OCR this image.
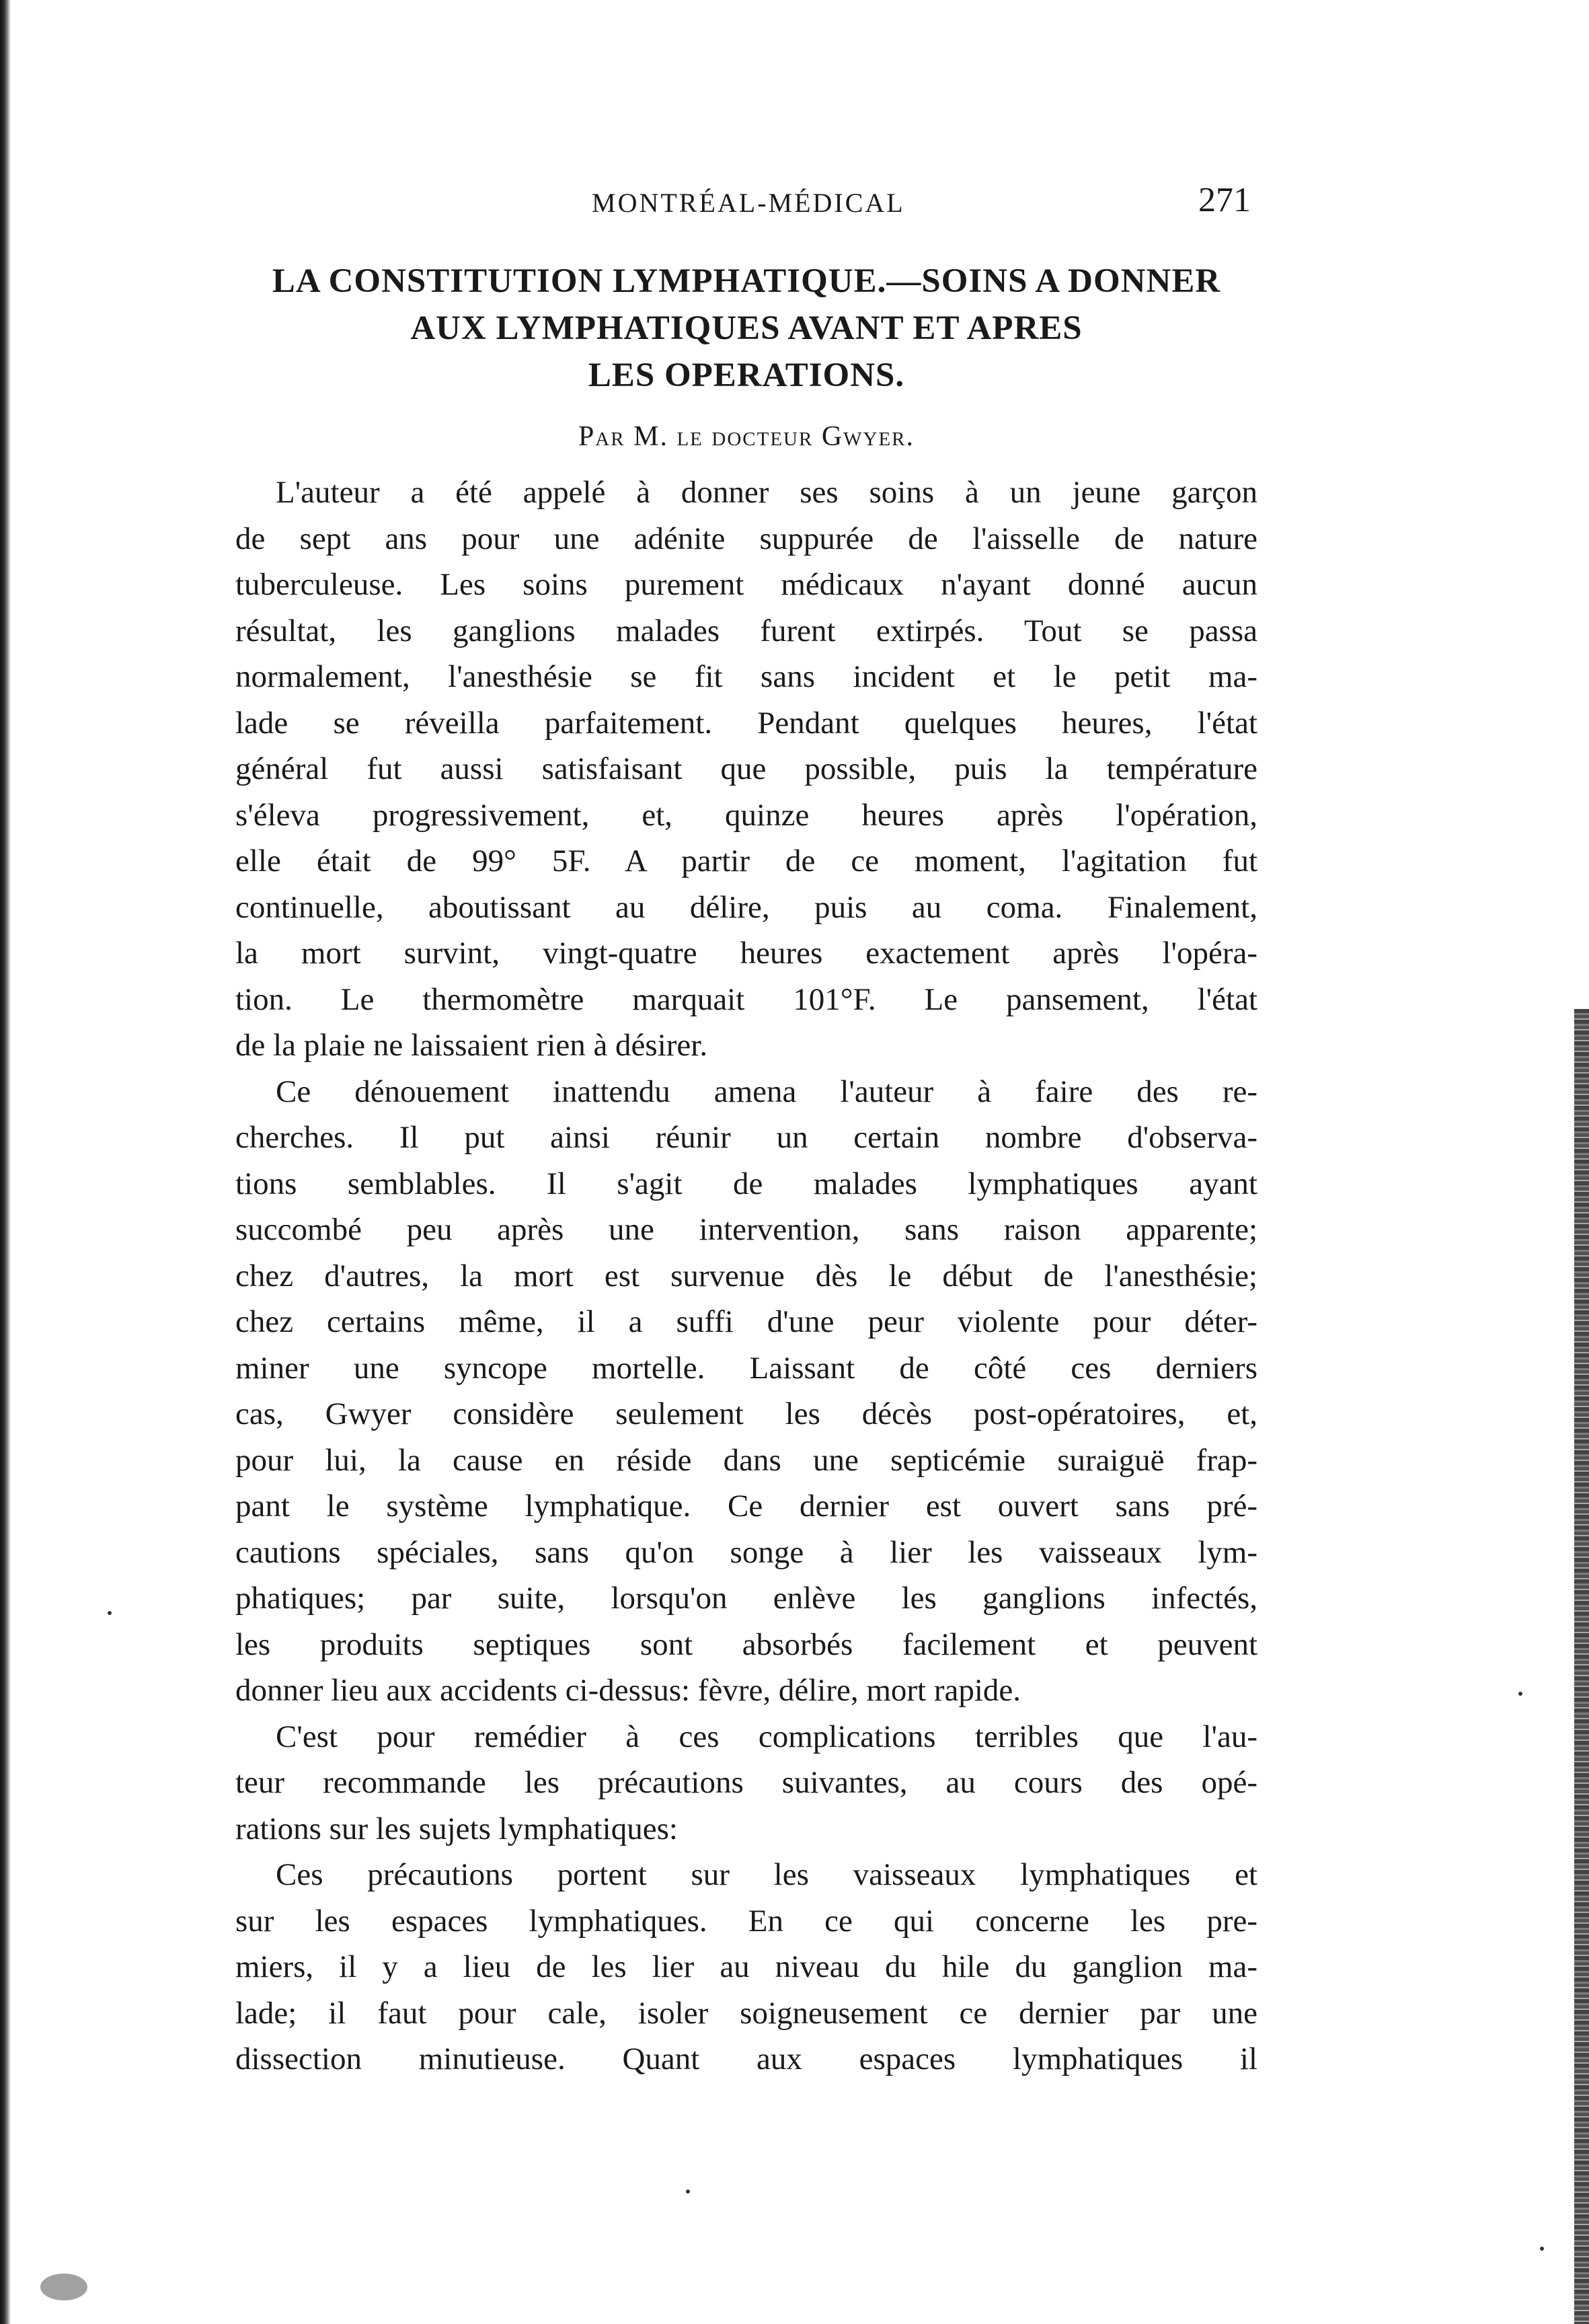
MONTRÉAL-MÉDICAL	271
LA CONSTITUTION LYMPHATIQUE.—SOINS A DONNER
AUX LYMPHATIQUES AVANT ET APRES
LES OPERATIONS.
Par M. le docteur Gwyer.

L'auteur a été appelé à donner ses soins à un jeune garçon
de sept ans pour une adénite suppurée de l'aisselle de nature
tuberculeuse. Les soins purement médicaux n'ayant donné aucun
résultat, les ganglions malades furent extirpés. Tout se passa
normalement, l'anesthésie se fit sans incident et le petit ma-
lade se réveilla parfaitement. Pendant quelques heures, l'état
général fut aussi satisfaisant que possible, puis la température
s'éleva progressivement, et, quinze heures après l'opération,
elle était de 99° 5F. A partir de ce moment, l'agitation fut
continuelle, aboutissant au délire, puis au coma. Finalement,
la mort survint, vingt-quatre heures exactement après l'opéra-
tion. Le thermomètre marquait 101°F. Le pansement, l'état
de la plaie ne laissaient rien à désirer.

Ce dénouement inattendu amena l'auteur à faire des re-
cherches. Il put ainsi réunir un certain nombre d'observa-
tions semblables. Il s'agit de malades lymphatiques ayant
succombé peu après une intervention, sans raison apparente;
chez d'autres, la mort est survenue dès le début de l'anesthésie;
chez certains même, il a suffi d'une peur violente pour déter-
miner une syncope mortelle. Laissant de côté ces derniers
cas, Gwyer considère seulement les décès post-opératoires, et,
pour lui, la cause en réside dans une septicémie suraiguë frap-
pant le système lymphatique. Ce dernier est ouvert sans pré-
cautions spéciales, sans qu'on songe à lier les vaisseaux lym-
phatiques; par suite, lorsqu'on enlève les ganglions infectés,
les produits septiques sont absorbés facilement et peuvent
donner lieu aux accidents ci-dessus: fèvre, délire, mort rapide.

C'est pour remédier à ces complications terribles que l'au-
teur recommande les précautions suivantes, au cours des opé-
rations sur les sujets lymphatiques:

Ces précautions portent sur les vaisseaux lymphatiques et
sur les espaces lymphatiques. En ce qui concerne les pre-
miers, il y a lieu de les lier au niveau du hile du ganglion ma-
lade; il faut pour cale, isoler soigneusement ce dernier par une
dissection minutieuse. Quant aux espaces lymphatiques il
